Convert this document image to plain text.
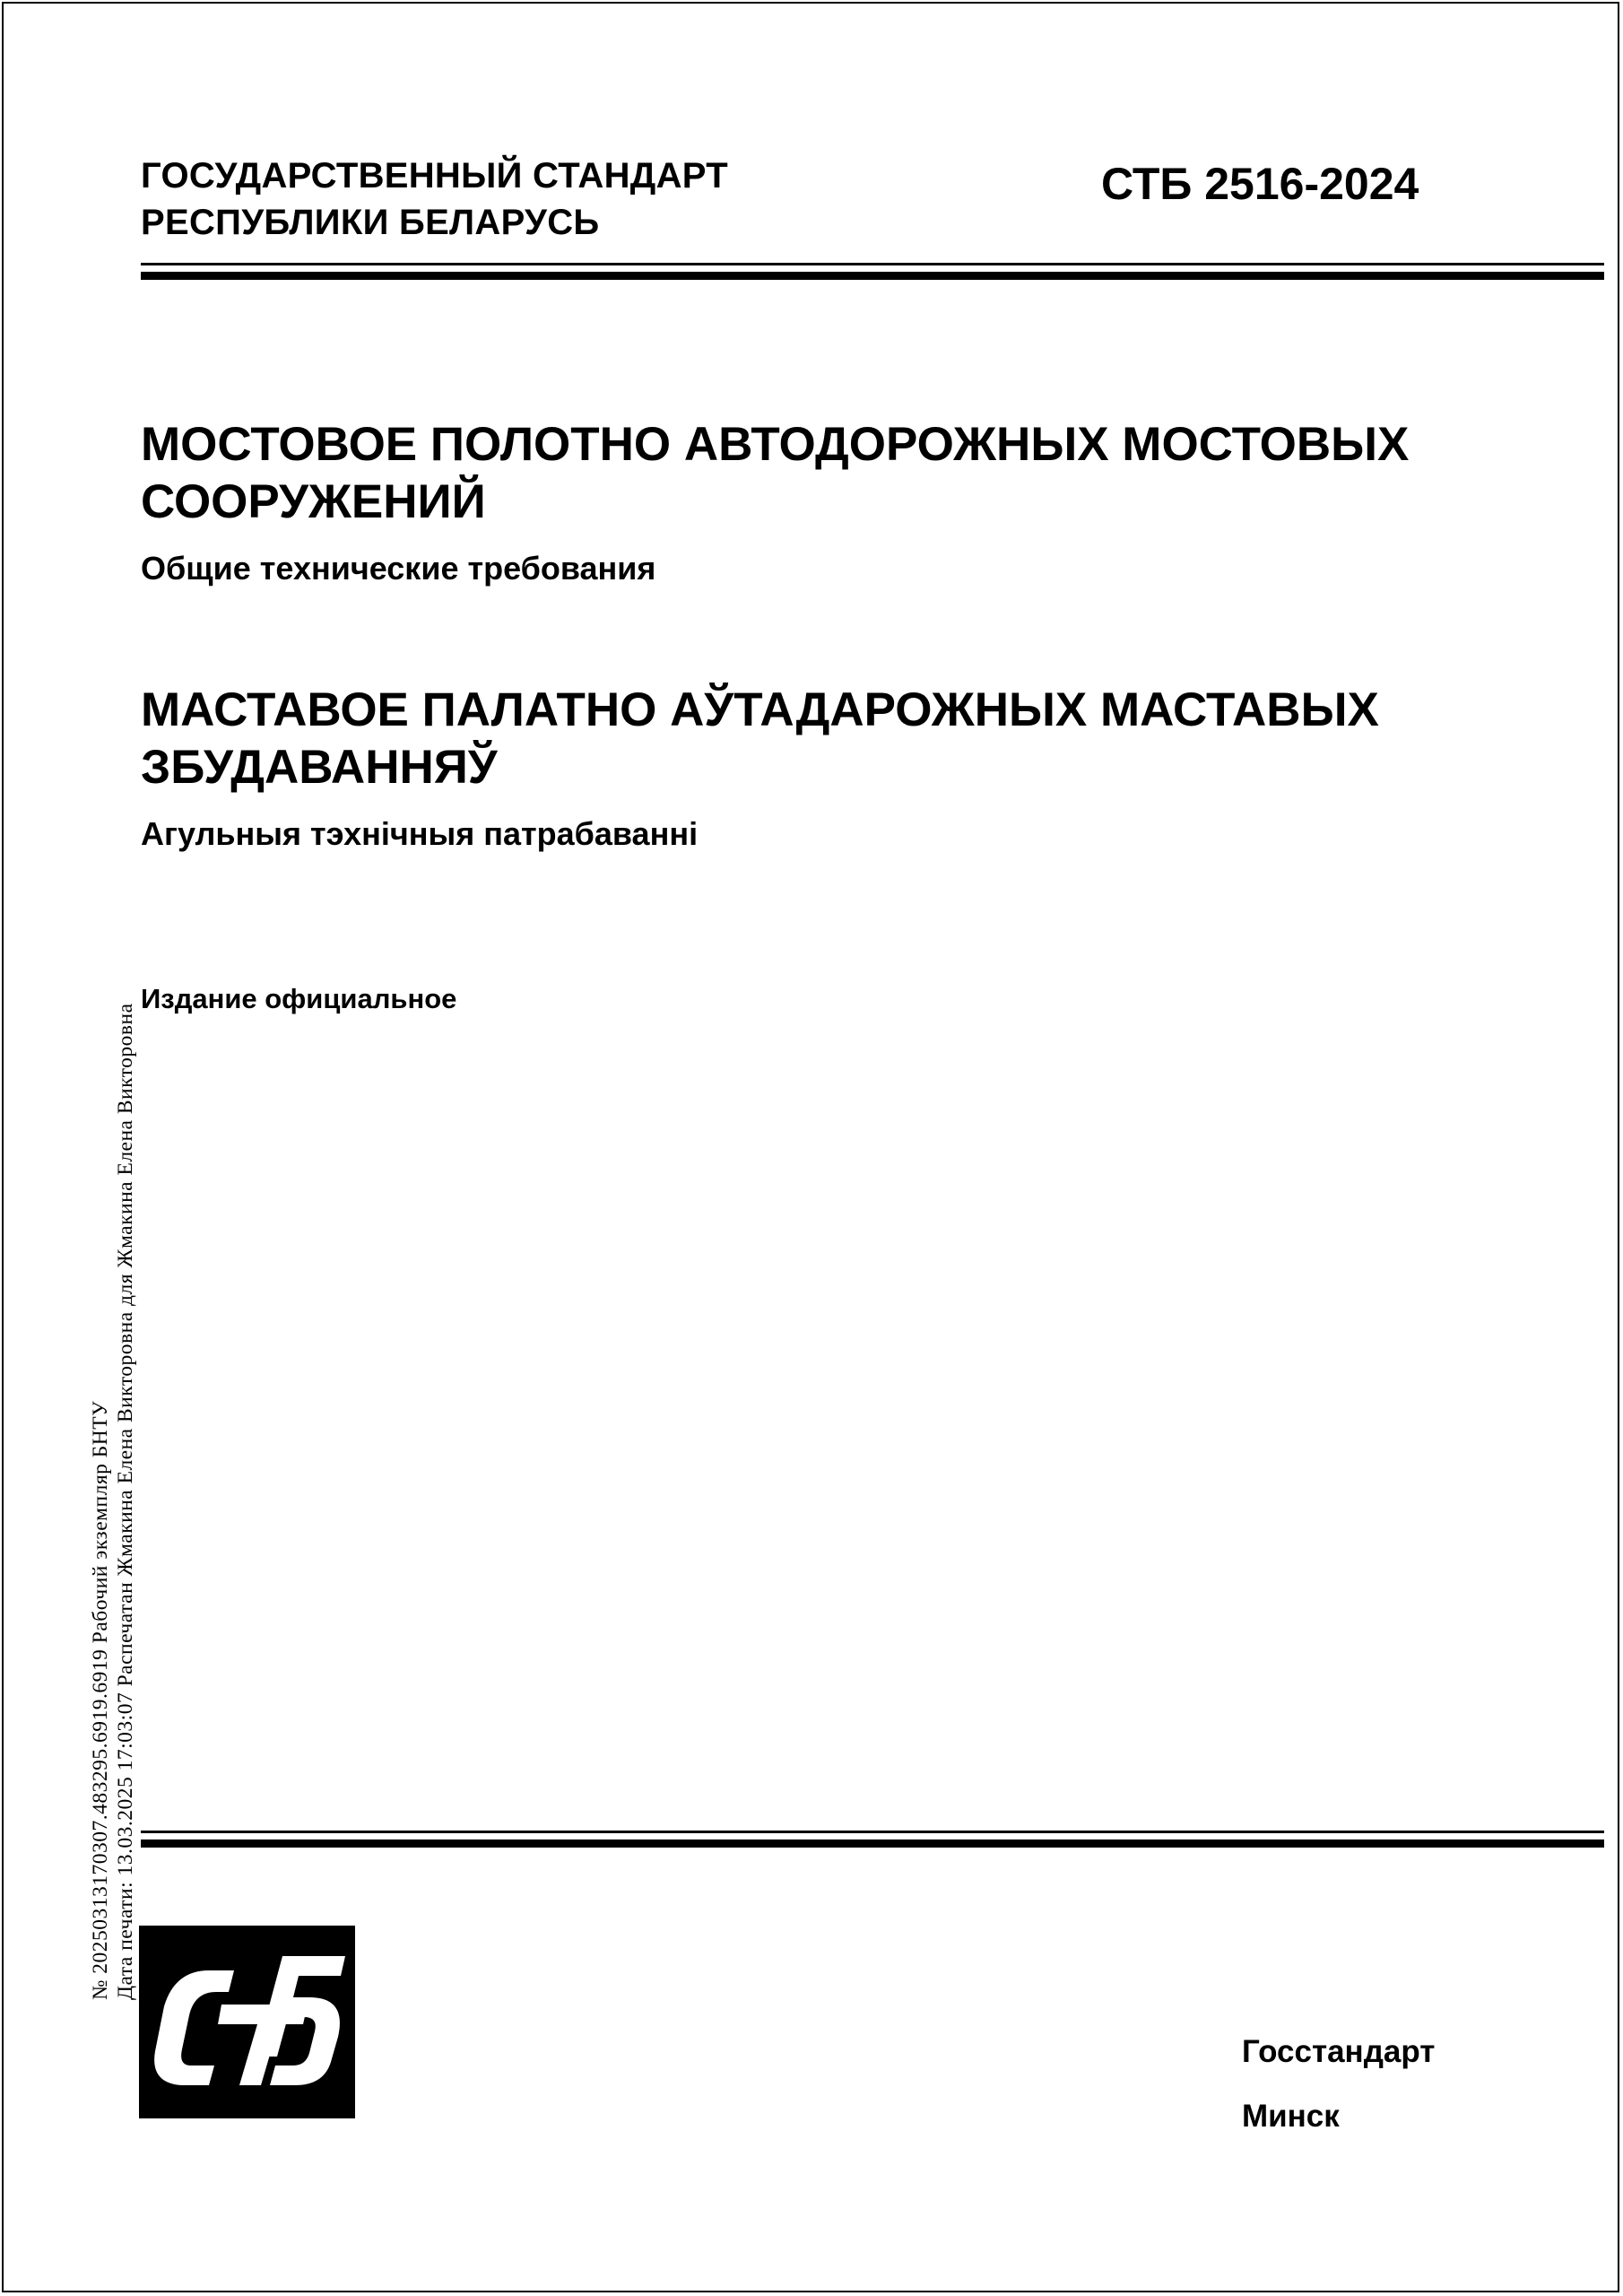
ГОСУДАРСТВЕННЫЙ СТАНДАРТ
РЕСПУБЛИКИ БЕЛАРУСЬ
СТБ 2516-2024
МОСТОВОЕ ПОЛОТНО АВТОДОРОЖНЫХ МОСТОВЫХ
СООРУЖЕНИЙ
Общие технические требования
МАСТАВОЕ ПАЛАТНО АЎТАДАРОЖНЫХ МАСТАВЫХ
ЗБУДАВАННЯЎ
Агульныя тэхнічныя патрабаванні
Издание официальное
№ 20250313170307.483295.6919.6919 Рабочий экземпляр БНТУ Дата печати: 13.03.2025 17:03:07 Распечатан Жмакина Елена Викторовна для Жмакина Елена Викторовна
Госстандарт
Минск
